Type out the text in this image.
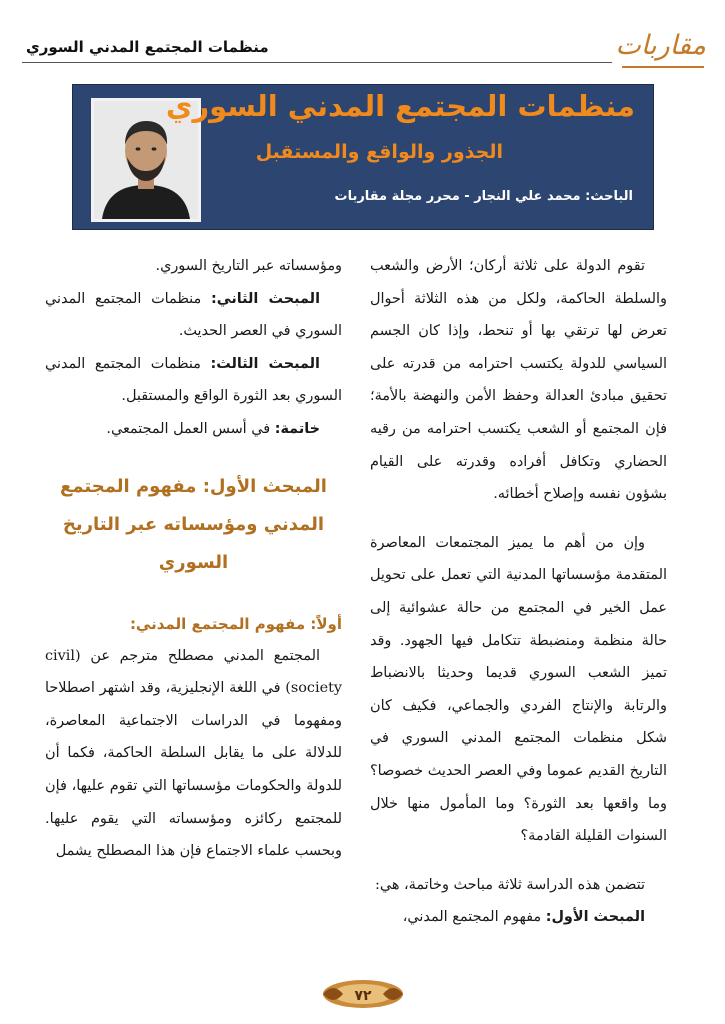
مقاربات
منظمات المجتمع المدني السوري
منظمات المجتمع المدني السوري
الجذور والواقع والمستقبل
الباحث: محمد علي النجار - محرر مجلة مقاربات

تقوم الدولة على ثلاثة أركان؛ الأرض والشعب والسلطة الحاكمة، ولكل من هذه الثلاثة أحوال تعرض لها ترتقي بها أو تنحط، وإذا كان الجسم السياسي للدولة يكتسب احترامه من قدرته على تحقيق مبادئ العدالة وحفظ الأمن والنهضة بالأمة؛ فإن المجتمع أو الشعب يكتسب احترامه من رقيه الحضاري وتكافل أفراده وقدرته على القيام بشؤون نفسه وإصلاح أخطائه.

وإن من أهم ما يميز المجتمعات المعاصرة المتقدمة مؤسساتها المدنية التي تعمل على تحويل عمل الخير في المجتمع من حالة عشوائية إلى حالة منظمة ومنضبطة تتكامل فيها الجهود. وقد تميز الشعب السوري قديما وحديثا بالانضباط والرتابة والإنتاج الفردي والجماعي، فكيف كان شكل منظمات المجتمع المدني السوري في التاريخ القديم عموما وفي العصر الحديث خصوصا؟ وما واقعها بعد الثورة؟ وما المأمول منها خلال السنوات القليلة القادمة؟

تتضمن هذه الدراسة ثلاثة مباحث وخاتمة، هي:

المبحث الأول: مفهوم المجتمع المدني،

ومؤسساته عبر التاريخ السوري.

المبحث الثاني: منظمات المجتمع المدني السوري في العصر الحديث.

المبحث الثالث: منظمات المجتمع المدني السوري بعد الثورة الواقع والمستقبل.

خاتمة: في أسس العمل المجتمعي.

المبحث الأول: مفهوم المجتمع المدني ومؤسساته عبر التاريخ السوري
أولاً: مفهوم المجتمع المدني:

المجتمع المدني مصطلح مترجم عن (civil society) في اللغة الإنجليزية، وقد اشتهر اصطلاحا ومفهوما في الدراسات الاجتماعية المعاصرة، للدلالة على ما يقابل السلطة الحاكمة، فكما أن للدولة والحكومات مؤسساتها التي تقوم عليها، فإن للمجتمع ركائزه ومؤسساته التي يقوم عليها. وبحسب علماء الاجتماع فإن هذا المصطلح يشمل

٧٢
